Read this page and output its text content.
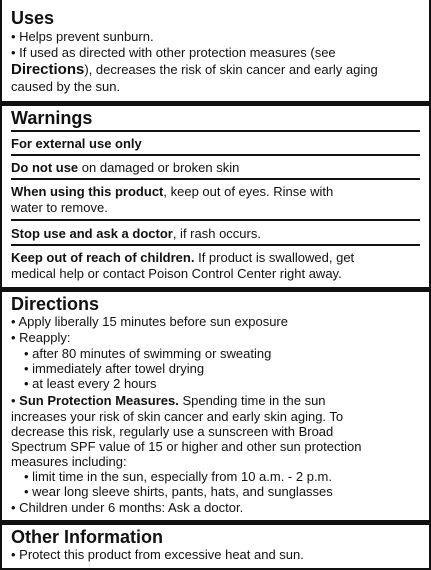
Uses
• Helps prevent sunburn.
• If used as directed with other protection measures (see
Directions), decreases the risk of skin cancer and early aging
caused by the sun.
Warnings
For external use only
Do not use on damaged or broken skin
When using this product, keep out of eyes. Rinse with
water to remove.
Stop use and ask a doctor, if rash occurs.
Keep out of reach of children. If product is swallowed, get
medical help or contact Poison Control Center right away.
Directions
• Apply liberally 15 minutes before sun exposure
• Reapply:
• after 80 minutes of swimming or sweating
• immediately after towel drying
• at least every 2 hours
• Sun Protection Measures. Spending time in the sun
increases your risk of skin cancer and early skin aging. To
decrease this risk, regularly use a sunscreen with Broad
Spectrum SPF value of 15 or higher and other sun protection
measures including:
• limit time in the sun, especially from 10 a.m. - 2 p.m.
• wear long sleeve shirts, pants, hats, and sunglasses
• Children under 6 months: Ask a doctor.
Other Information
• Protect this product from excessive heat and sun.
